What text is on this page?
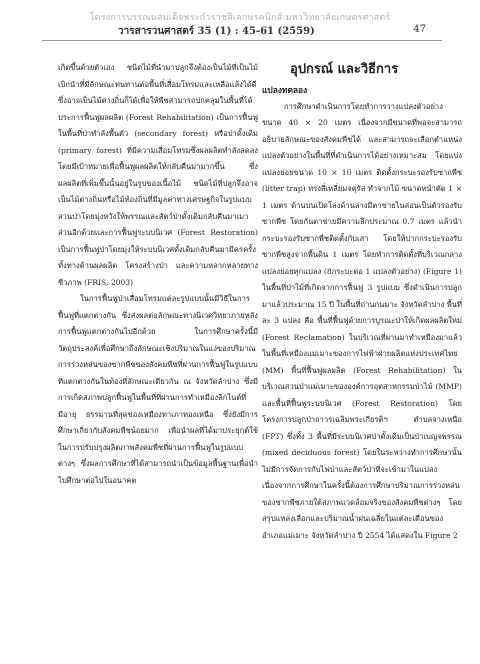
โครงการบรรณมสมเด็จพระกำราชสิเลกษรคนิกส์ มหาวิทยาลัยเกษตรศาสตร์
วารสารวนศาสตร์ 35 (1) : 45-61 (2559)	47

เกิดขึ้นด้วยตัวเอง ชนิดไม้ที่นำมาปลูกจึงต้องเป็นไม้ที่เป็นไม้เบิกนำที่มีลักษณะทนทานต่อพื้นที่เสื่อมโทรมและเหลือแล้งได้ดีซึ่งอาจเป็นไม้ต่างถิ่นก็ได้เพื่อให้พืชสามารถปกคลุมในพื้นที่ได้ประการฟื้นฟูผลผลิต (Forest Rehabilitation) เป็นการฟื้นฟูในพื้นที่ป่าทำลังพื้นตัว (secondary forest) หรือป่าดั้งเดิม (primary forest) ที่มีความเสื่อมโทรมซึ่งผลผลิตทำลังลดลง โดยมีเป้าหมายเพื่อฟื้นฟูผลผลิตให้กลับคืนมามากขึ้น ซึ่งผลผลิตที่เพิ่มขึ้นนั้นอยู่ในรูปของเนื้อไม้ ชนิดไม้ที่ปลูกจึงอาจเป็นไม้ต่างถิ่นหรือไม้ท้องถิ่นที่มีมูลค่าทางเศรษฐกิจในรูปแบบสวนป่าโดยมุ่งหวังให้พรรณและสัตว์ป่าดั้งเดิมกลับคืนมาเมาส่วนอีกด้วยและการฟื้นฟูระบบนิเวศ (Forest Restoration) เป็นการฟื้นฟูป่าโดยมุ่งให้ระบบนิเวศดั้งเดิมกลับคืนมามีครครั้งทั้งทางด้านผลผลิต โครงสร้างป่า และความหลากหลายทางชีวภาพ (FRIS, 2003)

ในการฟื้นฟูป่าเสื่อมโทรมแต่ละรูปแบบนั้นมีวิธีในการฟื้นฟูที่แตกต่างกัน ซึ่งส่งผลต่อลักษณะทางนิเวศวิทยาภายหลังการฟื้นฟูแตกต่างกันไปอีกด้วย ในการศึกษาครั้งนี้มีวัตถุประสงค์เพื่อศึกษาถึงลักษณะเชิงปริมาณในแง่ของปริมาณการร่วงหล่นของซากพืชของสังคมพืชที่ผ่านการฟื้นฟูในรูปแบบที่แตกต่างกันในท้องที่ลักษณะเดียวกัน ณ จังหวัดลำปาง ซึ่งมีการเกิดสภาพปลูกฟื้นฟูในพื้นที่ที่ผ่านการทำเหมืองลิกไนต์ที่มีอายุ ธรรมานที่สุดของเหมืองทาเภาทองเหนือ ซึ่งยังมีการศึกษาเกี่ยวกับสังคมพืชน้อยมาก เพื่อนำผลที่ได้มาประยุกต์ใช้ในการปรับปรุงผลิตภาพสังคมพืชที่ผ่านการฟื้นฟูในรูปแบบต่างๆ ซึ่งผลการศึกษาที่ได้สามารถนำเป็นข้อมูลพื้นฐานเพื่อนำไปศึกษาต่อไปในอนาคต

อุปกรณ์ และวิธีการ

แปลงทดลอง

การศึกษาดำเนินการโดยทำการวางแปลงตัวอย่างขนาด 40 × 20 เมตร เนื่องจากมีขนาดที่พอจะสามารถอธิบายลักษณะของสังคมพืชได้ และสามารถจะเลือกตำแหน่งแปลงตัวอย่างในพื้นที่ที่ดำเนินการได้อย่างเหมาะสม โดยแบ่งแปลงย่อยขนาด 10 × 10 เมตร ติดตั้งกระบะรองรับซากพืช (litter trap) ทรงสี่เหลี่ยมจตุรัส ทำจากไม้ ขนาดหน้าตัด 1 × 1 เมตร ด้านบนเปิดโล่งด้านล่างมีตาข่ายไนล่อนเป็นตัวรองรับซากพืช โดยกันตาข่ายมีความลึกประมาณ 0.7 เมตร แล้วนำกระบะรองรับซากพืชติดตั้งกับเสา โดยให้ปากกระบะรองรับซากพืชสูงจากพื้นดิน 1 เมตร โดยทำการติดตั้งที่บริเวณกลางแปลงย่อยทุกแปลง (8กระบะต่อ 1 แปลงตัวอย่าง) (Figure 1) ในพื้นที่ป่าไม้ที่เกิดจากการฟื้นฟู 3 รูปแบบ ซึ่งดำเนินการปลูกมาแล้วประมาณ 15 ปี ในพื้นที่ถ่านกนมาะ จังหวัดลำปาง พื้นที่ละ 3 แปลง คือ พื้นที่ฟื้นฟูด้วยการบูรณะป่าให้เกิดผลผลิตใหม่ (Forest Reclamation) ในบริเวณที่ผ่านมาทำเหมืองมาแล้วในพื้นที่เหมืองแม่เมาะของการไฟฟ้าฝ่ายผลิตแห่งประเทศไทย (MM) พื้นที่ฟื้นฟูผลผลิต (Forest Rehabilitation) ในบริเวณสวนป่าแม่เมาะขององค์การอุตสาหกรรมป่าไม้ (MMP) และพื้นที่ฟื้นฟูระบบนิเวศ (Forest Restoration) โดยโครงการปลูกป่าถาวรเฉลิมพระเกียรติฯ ตำบลจางเหนือ (FPT) ซึ่งทั้ง 3 พื้นที่มีระบบนิเวศป่าดั้งเดิมเป็นป่าเบญจพรรณ (mixed deciduous forest) โดยในระหว่างทำการศึกษานั้นไม่มีการจัดการกับไฟป่าและสัตว์ป่าที่จะเข้ามาในแปลงเนื่องจากการศึกษาในครั้งนี้ต้องการศึกษาปริมาณการร่วงหล่นของซากพืชภายใต้สภาพแวดล้อมจริงของสังคมพืชต่างๆ โดยสรุปแหล่งเลือกและปริมาณน้ำฝนเฉลี่ยในแต่ละเดือนของอำเภอแม่เมาะ จังหวัดลำปาง ปี 2554 ได้แสดงใน Figure 2
